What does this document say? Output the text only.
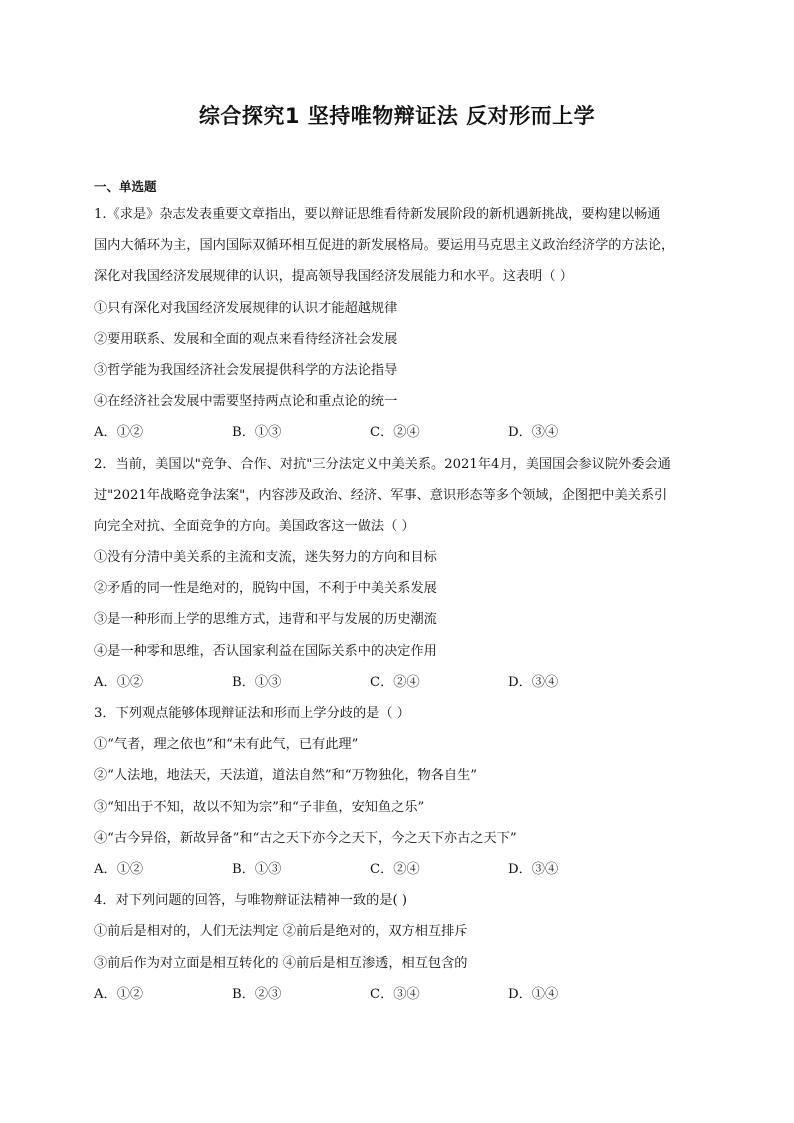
综合探究1 坚持唯物辩证法 反对形而上学
一、单选题
1.《求是》杂志发表重要文章指出，要以辩证思维看待新发展阶段的新机遇新挑战，要构建以畅通
国内大循环为主，国内国际双循环相互促进的新发展格局。要运用马克思主义政治经济学的方法论，
深化对我国经济发展规律的认识，提高领导我国经济发展能力和水平。这表明（ ）
①只有深化对我国经济发展规律的认识才能超越规律
②要用联系、发展和全面的观点来看待经济社会发展
③哲学能为我国经济社会发展提供科学的方法论指导
④在经济社会发展中需要坚持两点论和重点论的统一
A．①②	B．①③	C．②④	D．③④
2．当前，美国以"竞争、合作、对抗"三分法定义中美关系。2021年4月，美国国会参议院外委会通
过"2021年战略竞争法案"，内容涉及政治、经济、军事、意识形态等多个领域，企图把中美关系引
向完全对抗、全面竞争的方向。美国政客这一做法（ ）
①没有分清中美关系的主流和支流，迷失努力的方向和目标
②矛盾的同一性是绝对的，脱钩中国，不利于中美关系发展
③是一种形而上学的思维方式，违背和平与发展的历史潮流
④是一种零和思维，否认国家利益在国际关系中的决定作用
A．①②	B．①③	C．②④	D．③④
3．下列观点能够体现辩证法和形而上学分歧的是（ ）
①“气者，理之依也”和“未有此气，已有此理”
②“人法地，地法天，天法道，道法自然”和“万物独化，物各自生”
③“知出于不知，故以不知为宗”和“子非鱼，安知鱼之乐”
④“古今异俗，新故异备”和“古之天下亦今之天下，今之天下亦古之天下”
A．①②	B．①③	C．②④	D．③④
4．对下列问题的回答，与唯物辩证法精神一致的是( )
①前后是相对的，人们无法判定 ②前后是绝对的，双方相互排斥
③前后作为对立面是相互转化的 ④前后是相互渗透，相互包含的
A．①②	B．②③	C．③④	D．①④
